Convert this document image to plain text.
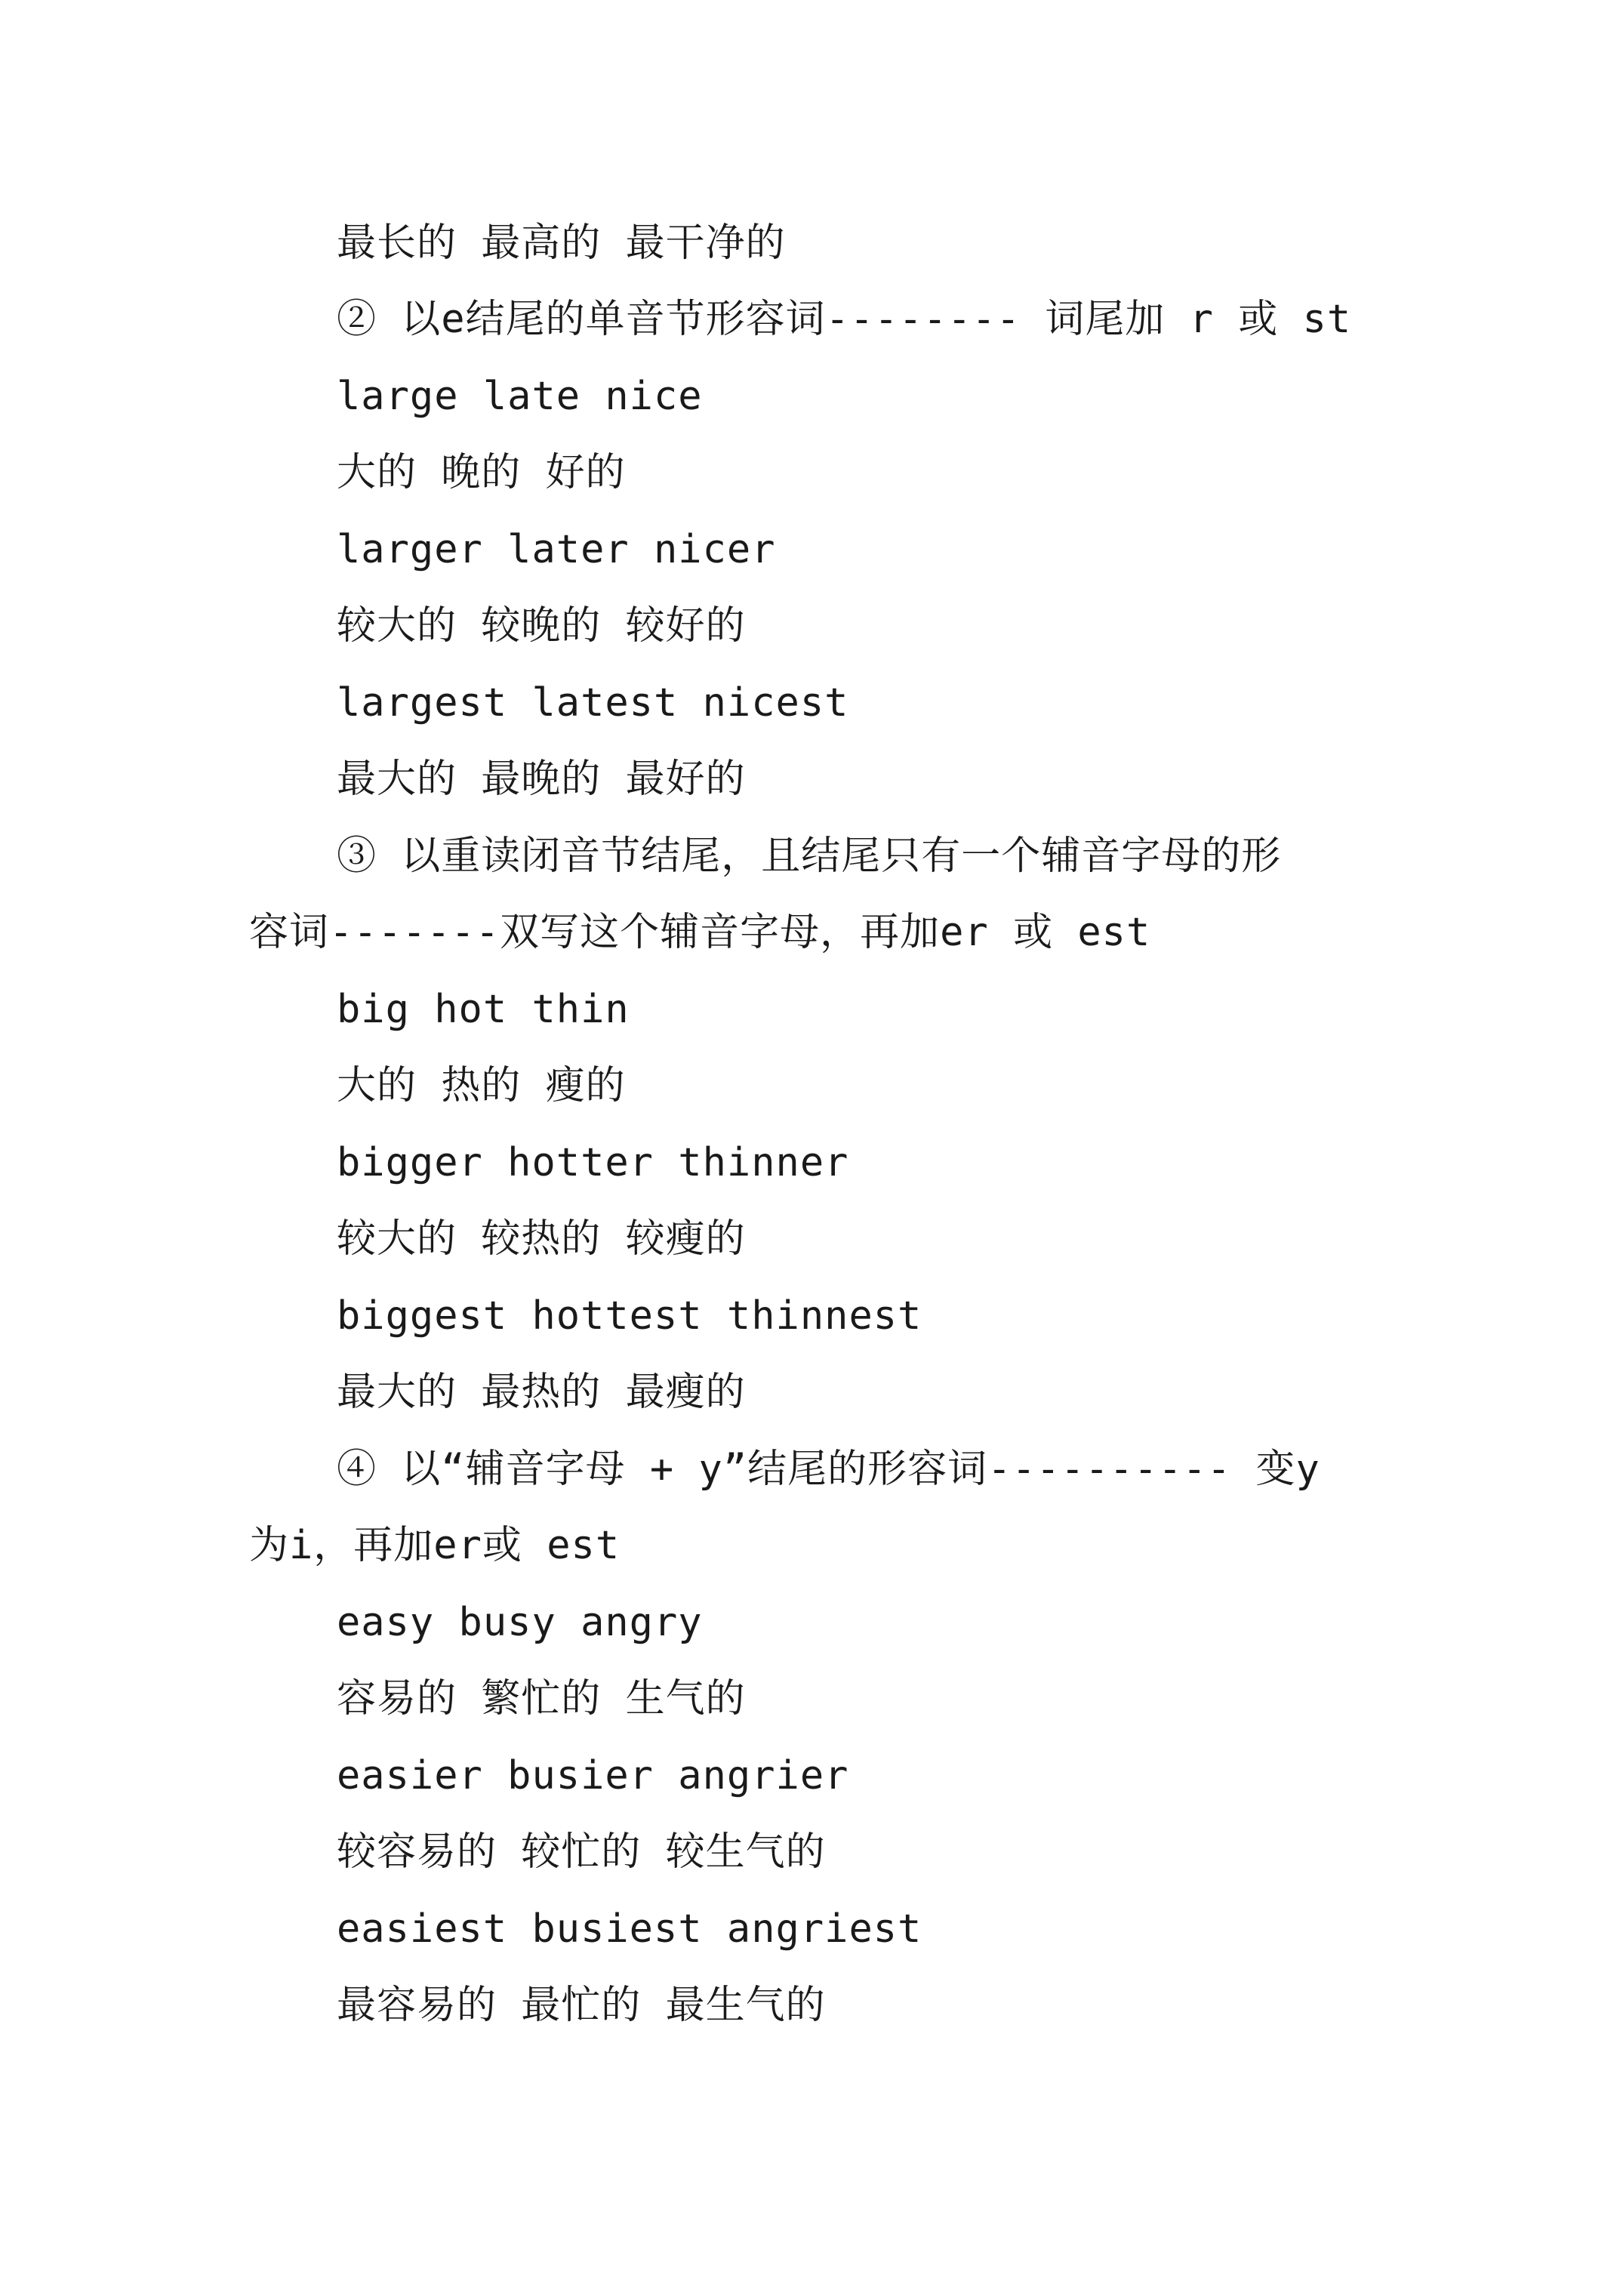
最长的 最高的 最干净的
② 以e结尾的单音节形容词-------- 词尾加 r 或 st
large late nice
大的 晚的 好的
larger later nicer
较大的 较晚的 较好的
largest latest nicest
最大的 最晚的 最好的
③ 以重读闭音节结尾，且结尾只有一个辅音字母的形
容词-------双写这个辅音字母，再加er 或 est
big hot thin
大的 热的 瘦的
bigger hotter thinner
较大的 较热的 较瘦的
biggest hottest thinnest
最大的 最热的 最瘦的
④ 以“辅音字母 + y”结尾的形容词---------- 变y
为i，再加er或 est
easy busy angry
容易的 繁忙的 生气的
easier busier angrier
较容易的 较忙的 较生气的
easiest busiest angriest
最容易的 最忙的 最生气的
